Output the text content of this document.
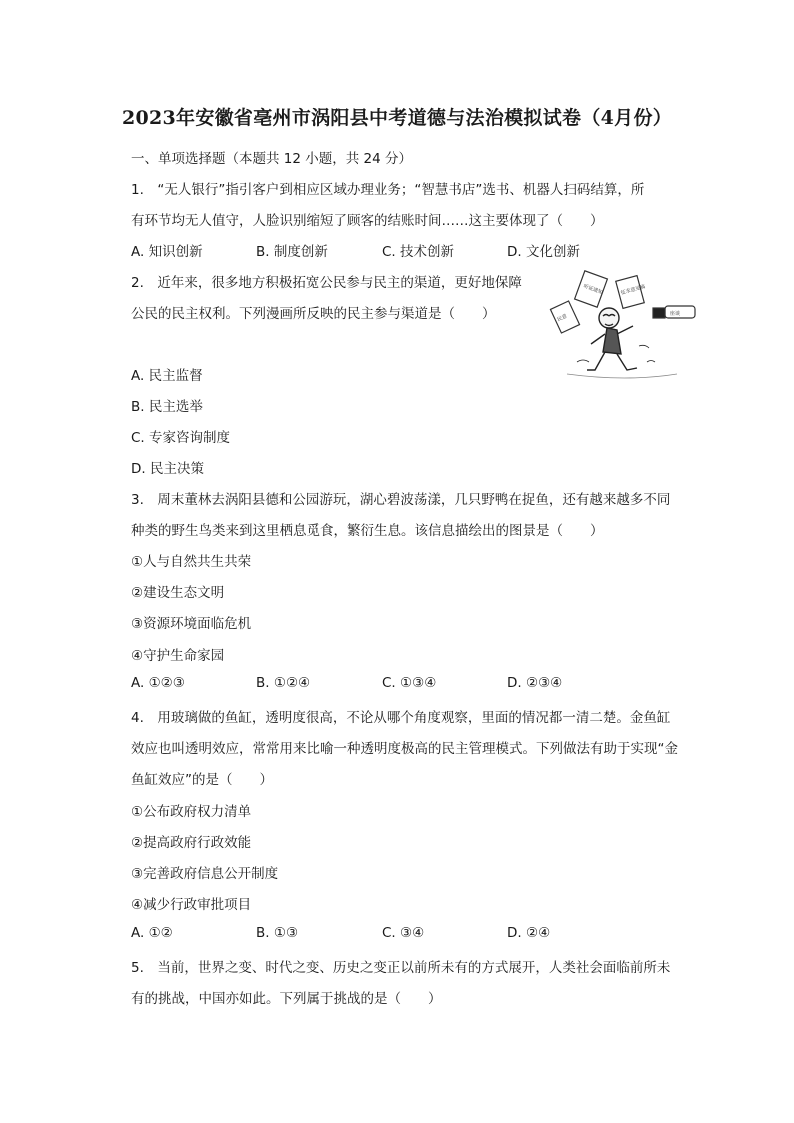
2023年安徽省亳州市涡阳县中考道德与法治模拟试卷（4月份）
一、单项选择题（本题共 12 小题，共 24 分）
1.　“无人银行”指引客户到相应区域办理业务；“智慧书店”选书、机器人扫码结算，所
有环节均无人值守，人脸识别缩短了顾客的结账时间……这主要体现了（　　）
A. 知识创新	B. 制度创新	C. 技术创新	D. 文化创新
2.　近年来，很多地方积极拓宽公民参与民主的渠道，更好地保障
公民的民主权利。下列漫画所反映的民主参与渠道是（　　）
听证通知	征求意见稿
民意	座谈
A. 民主监督
B. 民主选举
C. 专家咨询制度
D. 民主决策
3.　周末董林去涡阳县德和公园游玩，湖心碧波荡漾，几只野鸭在捉鱼，还有越来越多不同
种类的野生鸟类来到这里栖息觅食，繁衍生息。该信息描绘出的图景是（　　）
①人与自然共生共荣
②建设生态文明
③资源环境面临危机
④守护生命家园
A. ①②③	B. ①②④	C. ①③④	D. ②③④
4.　用玻璃做的鱼缸，透明度很高，不论从哪个角度观察，里面的情况都一清二楚。金鱼缸
效应也叫透明效应，常常用来比喻一种透明度极高的民主管理模式。下列做法有助于实现“金
鱼缸效应”的是（　　）
①公布政府权力清单
②提高政府行政效能
③完善政府信息公开制度
④减少行政审批项目
A. ①②	B. ①③	C. ③④	D. ②④
5.　当前，世界之变、时代之变、历史之变正以前所未有的方式展开，人类社会面临前所未
有的挑战，中国亦如此。下列属于挑战的是（　　）
